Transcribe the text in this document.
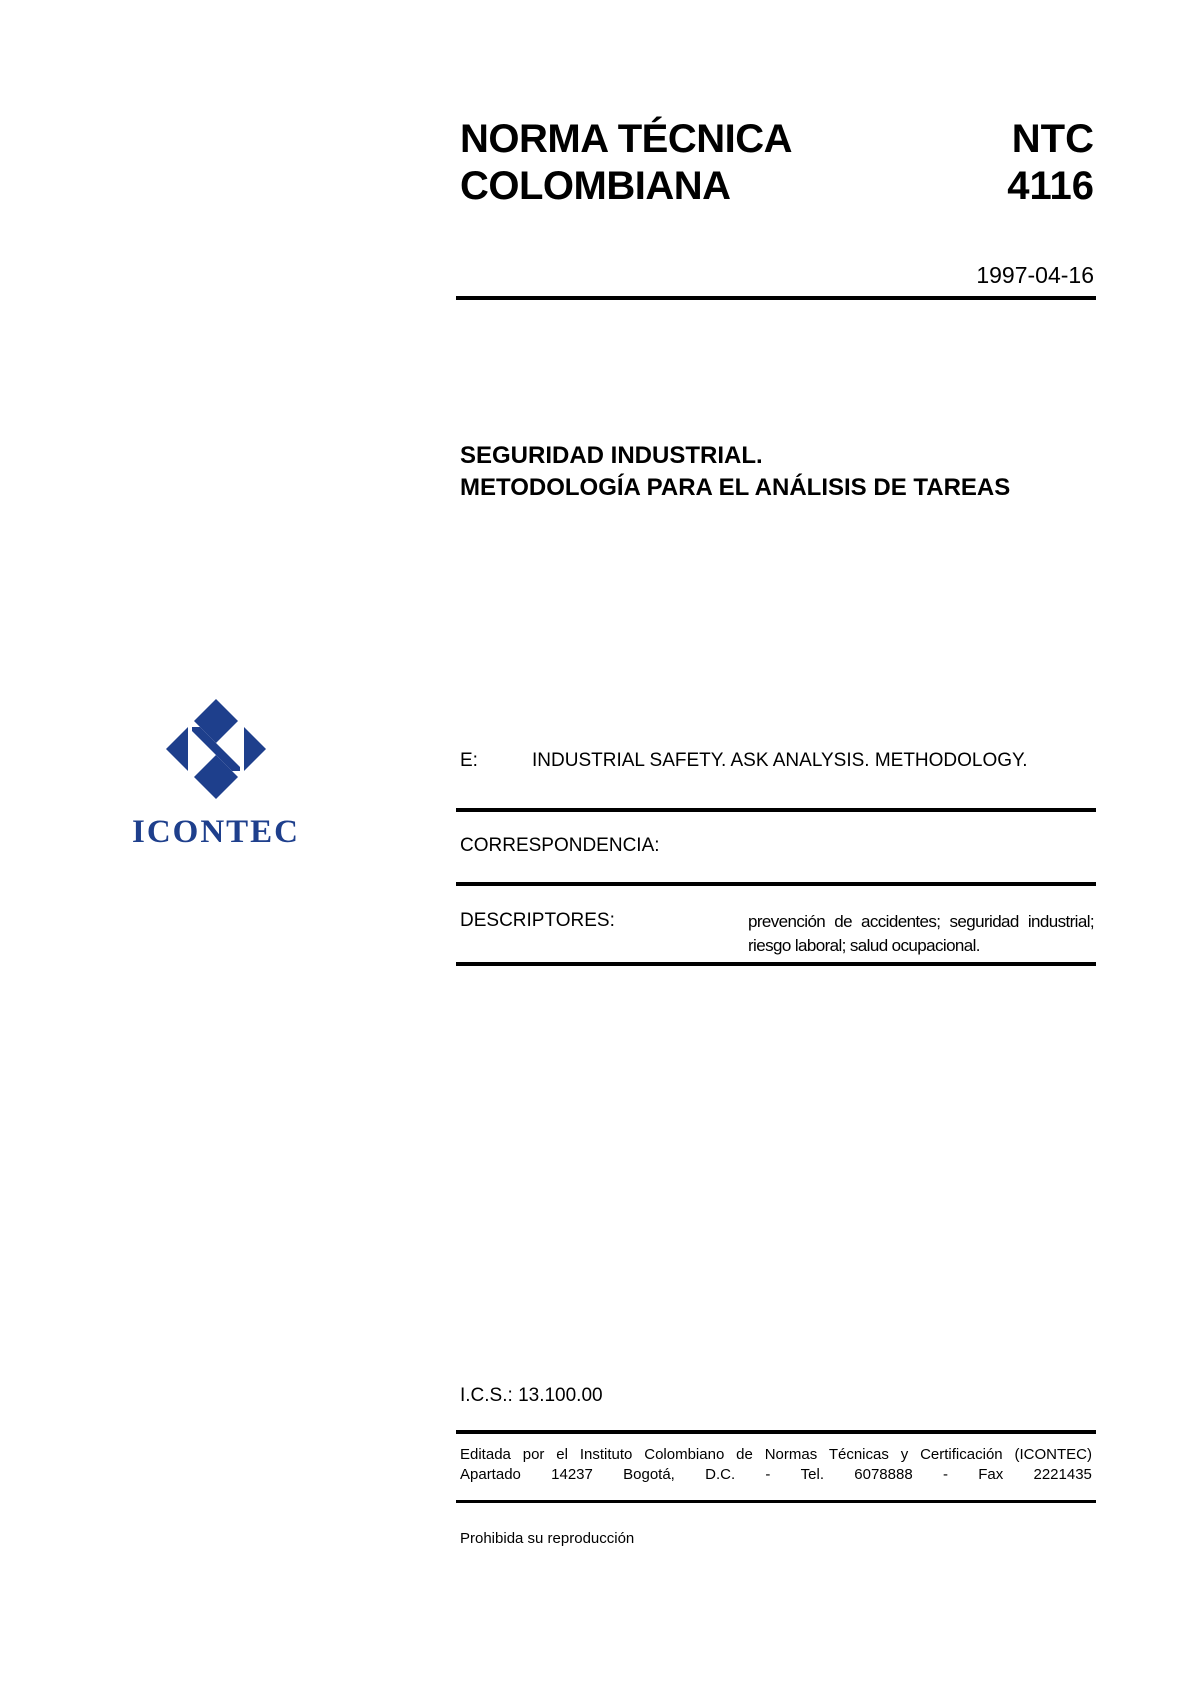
NORMA TÉCNICA
COLOMBIANA
NTC
4116
1997-04-16
SEGURIDAD INDUSTRIAL.
METODOLOGÍA PARA EL ANÁLISIS DE TAREAS
ICONTEC
E:	INDUSTRIAL SAFETY. ASK ANALYSIS. METHODOLOGY.
CORRESPONDENCIA:
DESCRIPTORES:	prevención de accidentes; seguridad industrial; riesgo laboral; salud ocupacional.
I.C.S.: 13.100.00
Editada por el Instituto Colombiano de Normas Técnicas y Certificación (ICONTEC)
Apartado 14237 Bogotá, D.C. - Tel. 6078888 - Fax 2221435
Prohibida su reproducción
